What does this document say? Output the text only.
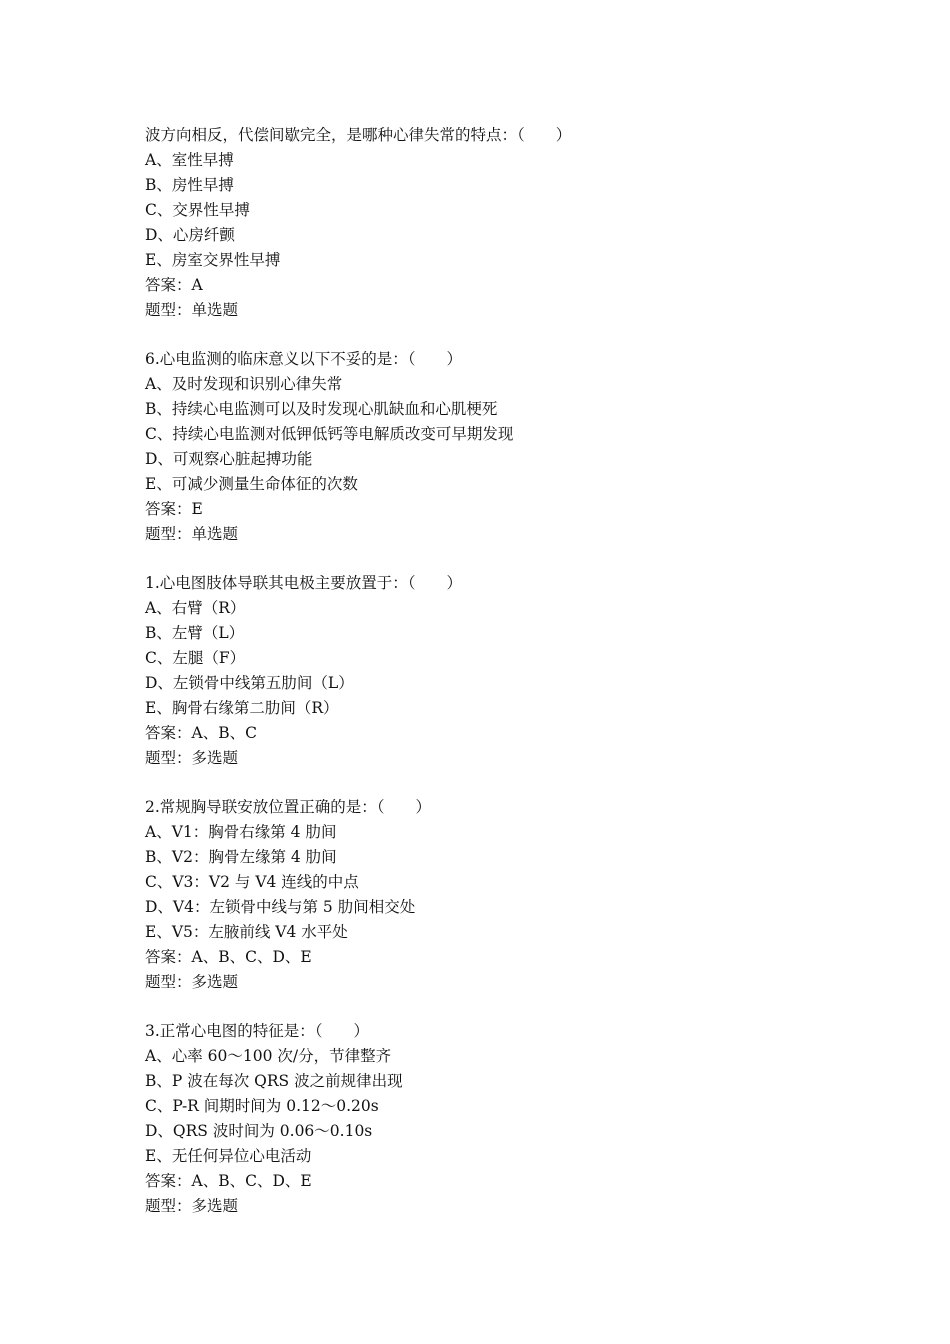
波方向相反，代偿间歇完全，是哪种心律失常的特点：（　　）
A、室性早搏
B、房性早搏
C、交界性早搏
D、心房纤颤
E、房室交界性早搏
答案：A
题型：单选题
6.心电监测的临床意义以下不妥的是：（　　）
A、及时发现和识别心律失常
B、持续心电监测可以及时发现心肌缺血和心肌梗死
C、持续心电监测对低钾低钙等电解质改变可早期发现
D、可观察心脏起搏功能
E、可减少测量生命体征的次数
答案：E
题型：单选题
1.心电图肢体导联其电极主要放置于：（　　）
A、右臂（R）
B、左臂（L）
C、左腿（F）
D、左锁骨中线第五肋间（L）
E、胸骨右缘第二肋间（R）
答案：A、B、C
题型：多选题
2.常规胸导联安放位置正确的是：（　　）
A、V1：胸骨右缘第 4 肋间
B、V2：胸骨左缘第 4 肋间
C、V3：V2 与 V4 连线的中点
D、V4：左锁骨中线与第 5 肋间相交处
E、V5：左腋前线 V4 水平处
答案：A、B、C、D、E
题型：多选题
3.正常心电图的特征是：（　　）
A、心率 60～100 次/分，节律整齐
B、P 波在每次 QRS 波之前规律出现
C、P-R 间期时间为 0.12～0.20s
D、QRS 波时间为 0.06～0.10s
E、无任何异位心电活动
答案：A、B、C、D、E
题型：多选题
